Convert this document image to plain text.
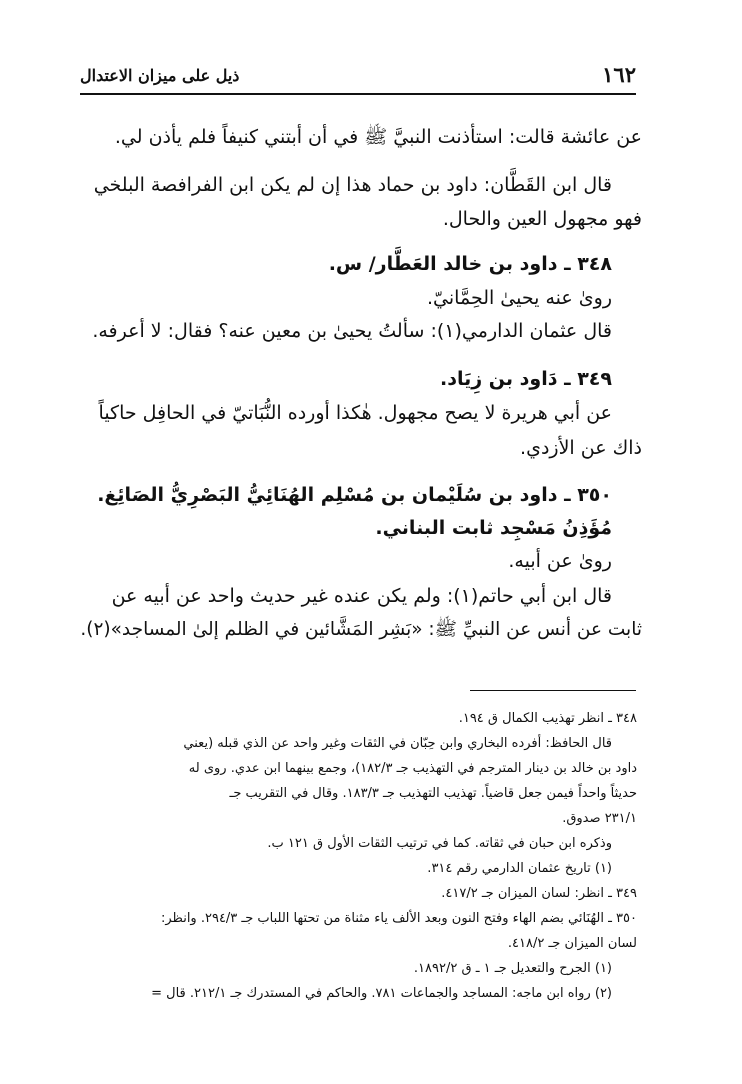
١٦٢
ذيل على ميزان الاعتدال
عن عائشة قالت: استأذنت النبيَّ ﷺ في أن أبتني كنيفاً فلم يأذن لي.
قال ابن القَطَّان: داود بن حماد هذا إن لم يكن ابن الفرافصة البلخي
فهو مجهول العين والحال.
٣٤٨ ـ داود بن خالد العَطَّار/ س.
روىٰ عنه يحيىٰ الحِمَّانيّ.
قال عثمان الدارمي(١): سألتُ يحيىٰ بن معين عنه؟ فقال: لا أعرفه.
٣٤٩ ـ دَاود بن زِيَاد.
عن أبي هريرة لا يصح مجهول. هٰكذا أورده النُّبَاتيّ في الحافِل حاكياً
ذاك عن الأزدي.
٣٥٠ ـ داود بن سُلَيْمان بن مُسْلِم الهُنَائِيُّ البَصْرِيُّ الصَائِغ.
مُؤَذِنُ مَسْجِد ثابت البناني.
روىٰ عن أبيه.
قال ابن أبي حاتم(١): ولم يكن عنده غير حديث واحد عن أبيه عن
ثابت عن أنس عن النبيِّ ﷺ: «بَشِر المَشَّائين في الظلم إلىٰ المساجد»(٢).
٣٤٨ ـ انظر تهذيب الكمال ق ١٩٤.
قال الحافظ: أفرده البخاري وابن حِبّان في الثقات وغير واحد عن الذي قبله (يعني
داود بن خالد بن دينار المترجم في التهذيب جـ ١٨٢/٣)، وجمع بينهما ابن عدي. روى له
حديثاً واحداً فيمن جعل قاضياً. تهذيب التهذيب جـ ١٨٣/٣. وقال في التقريب جـ
٢٣١/١ صدوق.
وذكره ابن حبان في ثقاته. كما في ترتيب الثقات الأول ق ١٢١ ب.
(١) تاريخ عثمان الدارمي رقم ٣١٤.
٣٤٩ ـ انظر: لسان الميزان جـ ٤١٧/٢.
٣٥٠ ـ الهُنَائي بضم الهاء وفتح النون وبعد الألف ياء مثناة من تحتها اللباب جـ ٢٩٤/٣. وانظر:
لسان الميزان جـ ٤١٨/٢.
(١) الجرح والتعديل جـ ١ ـ ق ١٨٩٢/٢.
(٢) رواه ابن ماجه: المساجد والجماعات ٧٨١. والحاكم في المستدرك جـ ٢١٢/١. قال =
